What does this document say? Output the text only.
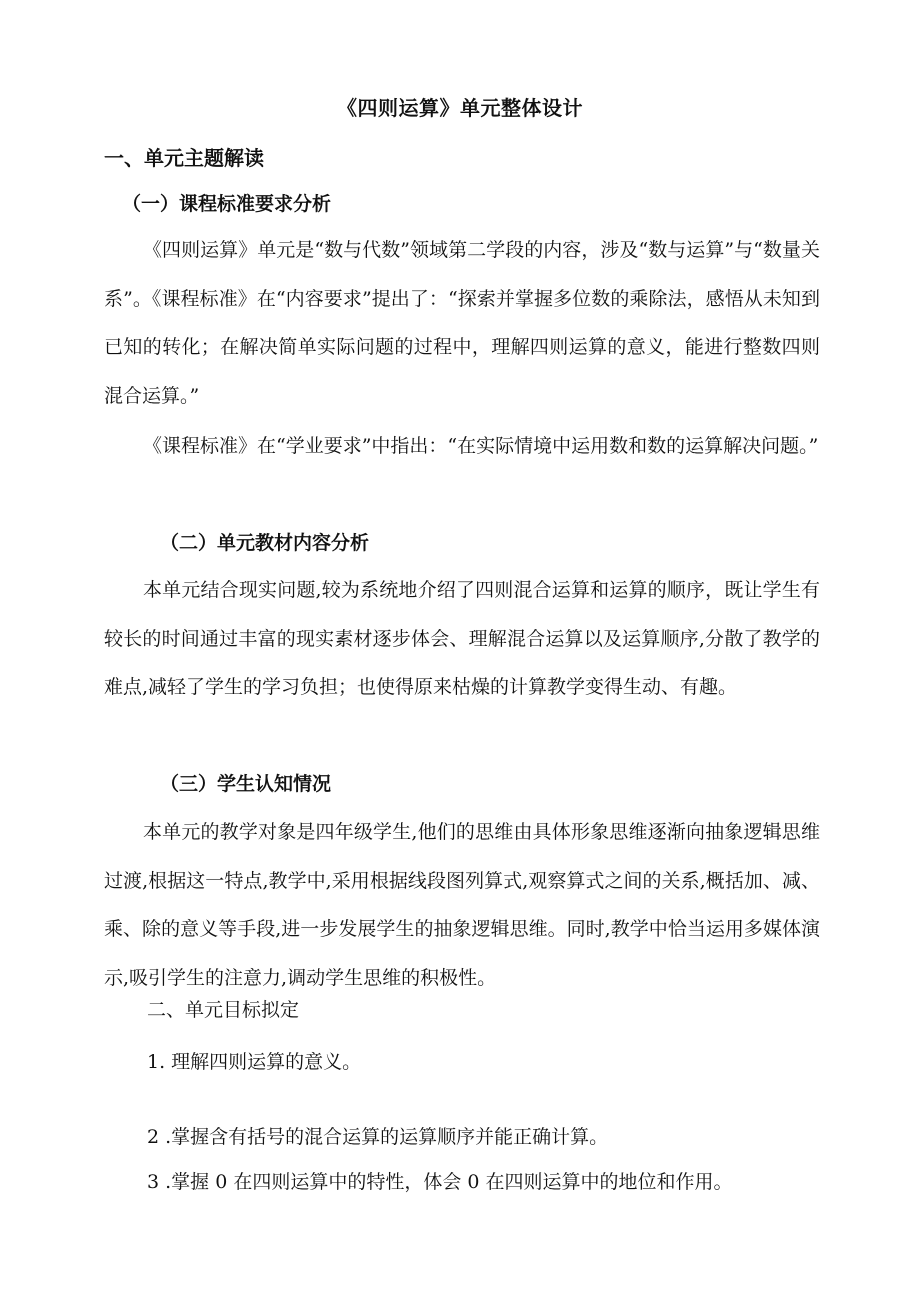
《四则运算》单元整体设计
一、单元主题解读
（一）课程标准要求分析
《四则运算》单元是“数与代数”领域第二学段的内容，涉及“数与运算”与“数量关系”。《课程标准》在“内容要求”提出了：“探索并掌握多位数的乘除法，感悟从未知到已知的转化；在解决简单实际问题的过程中，理解四则运算的意义，能进行整数四则混合运算。”
《课程标准》在“学业要求”中指出：“在实际情境中运用数和数的运算解决问题。”
（二）单元教材内容分析
本单元结合现实问题,较为系统地介绍了四则混合运算和运算的顺序，既让学生有较长的时间通过丰富的现实素材逐步体会、理解混合运算以及运算顺序,分散了教学的难点,减轻了学生的学习负担；也使得原来枯燥的计算教学变得生动、有趣。
（三）学生认知情况
本单元的教学对象是四年级学生,他们的思维由具体形象思维逐渐向抽象逻辑思维过渡,根据这一特点,教学中,采用根据线段图列算式,观察算式之间的关系,概括加、减、乘、除的意义等手段,进一步发展学生的抽象逻辑思维。同时,教学中恰当运用多媒体演示,吸引学生的注意力,调动学生思维的积极性。
二、单元目标拟定
1. 理解四则运算的意义。
2 .掌握含有括号的混合运算的运算顺序并能正确计算。
3 .掌握 0 在四则运算中的特性，体会 0 在四则运算中的地位和作用。
